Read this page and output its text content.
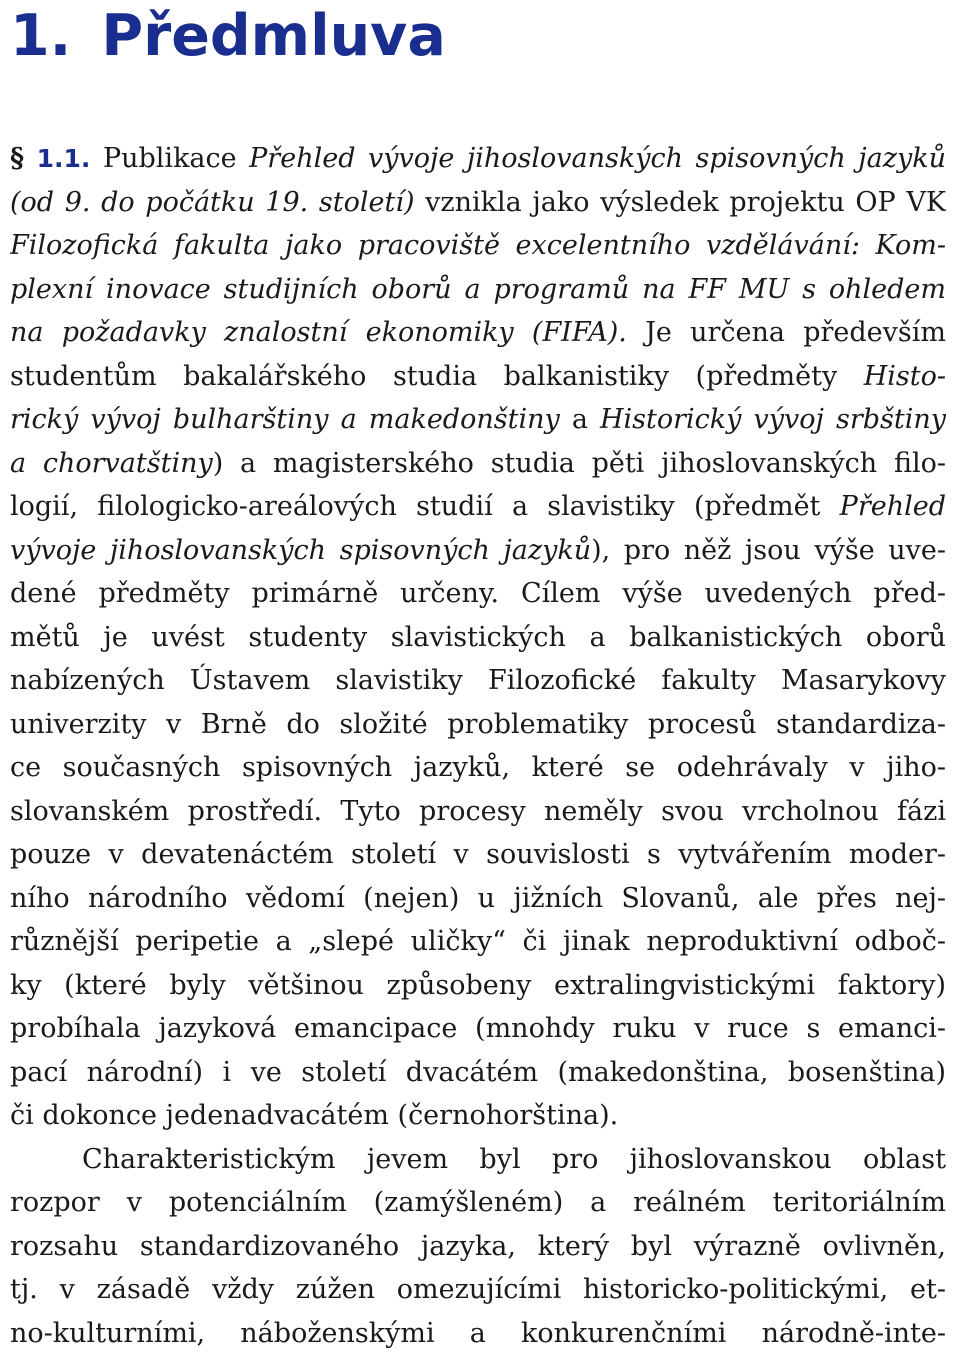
1. Předmluva
§ 1.1. Publikace Přehled vývoje jihoslovanských spisovných jazyků
(od 9. do počátku 19. století) vznikla jako výsledek projektu OP VK
Filozofická fakulta jako pracoviště excelentního vzdělávání: Kom-
plexní inovace studijních oborů a programů na FF MU s ohledem
na požadavky znalostní ekonomiky (FIFA). Je určena především
studentům bakalářského studia balkanistiky (předměty Histo-
rický vývoj bulharštiny a makedonštiny a Historický vývoj srbštiny
a chorvatštiny) a magisterského studia pěti jihoslovanských filo-
logií, filologicko-areálových studií a slavistiky (předmět Přehled
vývoje jihoslovanských spisovných jazyků), pro něž jsou výše uve-
dené předměty primárně určeny. Cílem výše uvedených před-
mětů je uvést studenty slavistických a balkanistických oborů
nabízených Ústavem slavistiky Filozofické fakulty Masarykovy
univerzity v Brně do složité problematiky procesů standardiza-
ce současných spisovných jazyků, které se odehrávaly v jiho-
slovanském prostředí. Tyto procesy neměly svou vrcholnou fázi
pouze v devatenáctém století v souvislosti s vytvářením moder-
ního národního vědomí (nejen) u jižních Slovanů, ale přes nej-
různější peripetie a „slepé uličky“ či jinak neproduktivní odboč-
ky (které byly většinou způsobeny extralingvistickými faktory)
probíhala jazyková emancipace (mnohdy ruku v ruce s emanci-
pací národní) i ve století dvacátém (makedonština, bosenština)
či dokonce jedenadvacátém (černohorština).
Charakteristickým jevem byl pro jihoslovanskou oblast
rozpor v potenciálním (zamýšleném) a reálném teritoriálním
rozsahu standardizovaného jazyka, který byl výrazně ovlivněn,
tj. v zásadě vždy zúžen omezujícími historicko-politickými, et-
no-kulturními, náboženskými a konkurenčními národně-inte-
